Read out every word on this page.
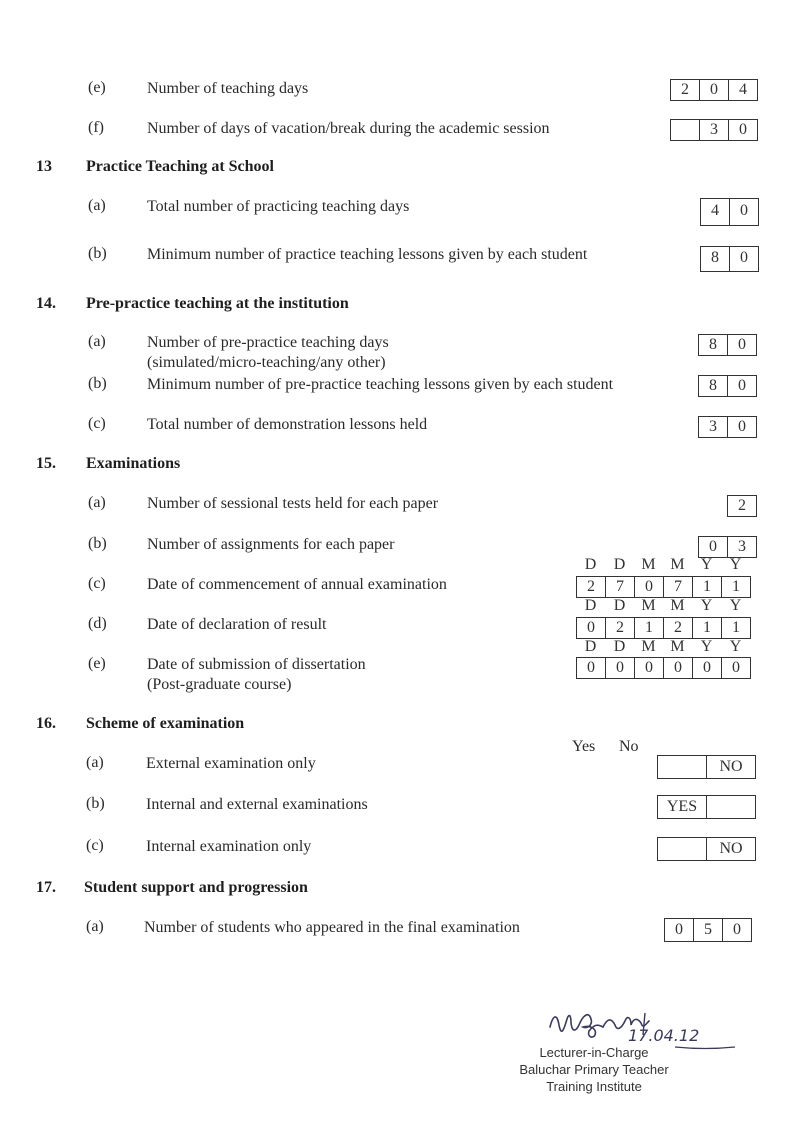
(e)	Number of teaching days	2	0	4
(f)	Number of days of vacation/break during the academic session	3	0
13 Practice Teaching at School
(a)	Total number of practicing teaching days	4	0
(b)	Minimum number of practice teaching lessons given by each student	8	0
14. Pre-practice teaching at the institution
(a)	Number of pre-practice teaching days
(simulated/micro-teaching/any other)
8	0
(b)	Minimum number of pre-practice teaching lessons given by each student	8	0
(c)	Total number of demonstration lessons held	3	0
15. Examinations
(a)	Number of sessional tests held for each paper	2
(b)	Number of assignments for each paper	0	3
D	D	M M	Y	Y
(c)	Date of commencement of annual examination	2	7	0	7	1	1
D	D	M M	Y	Y
(d)	Date of declaration of result	0	2	1	2	1	1
D	D	M M	Y	Y
(e)	Date of submission of dissertation
(Post-graduate course)
0	0	0	0	0	0
16. Scheme of examination
Yes No
(a)	External examination only	NO
(b)	Internal and external examinations	YES
(c)	Internal examination only	NO
17. Student support and progression
(a)	Number of students who appeared in the final examination	0	5	0
17.04.12
Lecturer-in-Charge
Baluchar Primary Teacher
Training Institute
